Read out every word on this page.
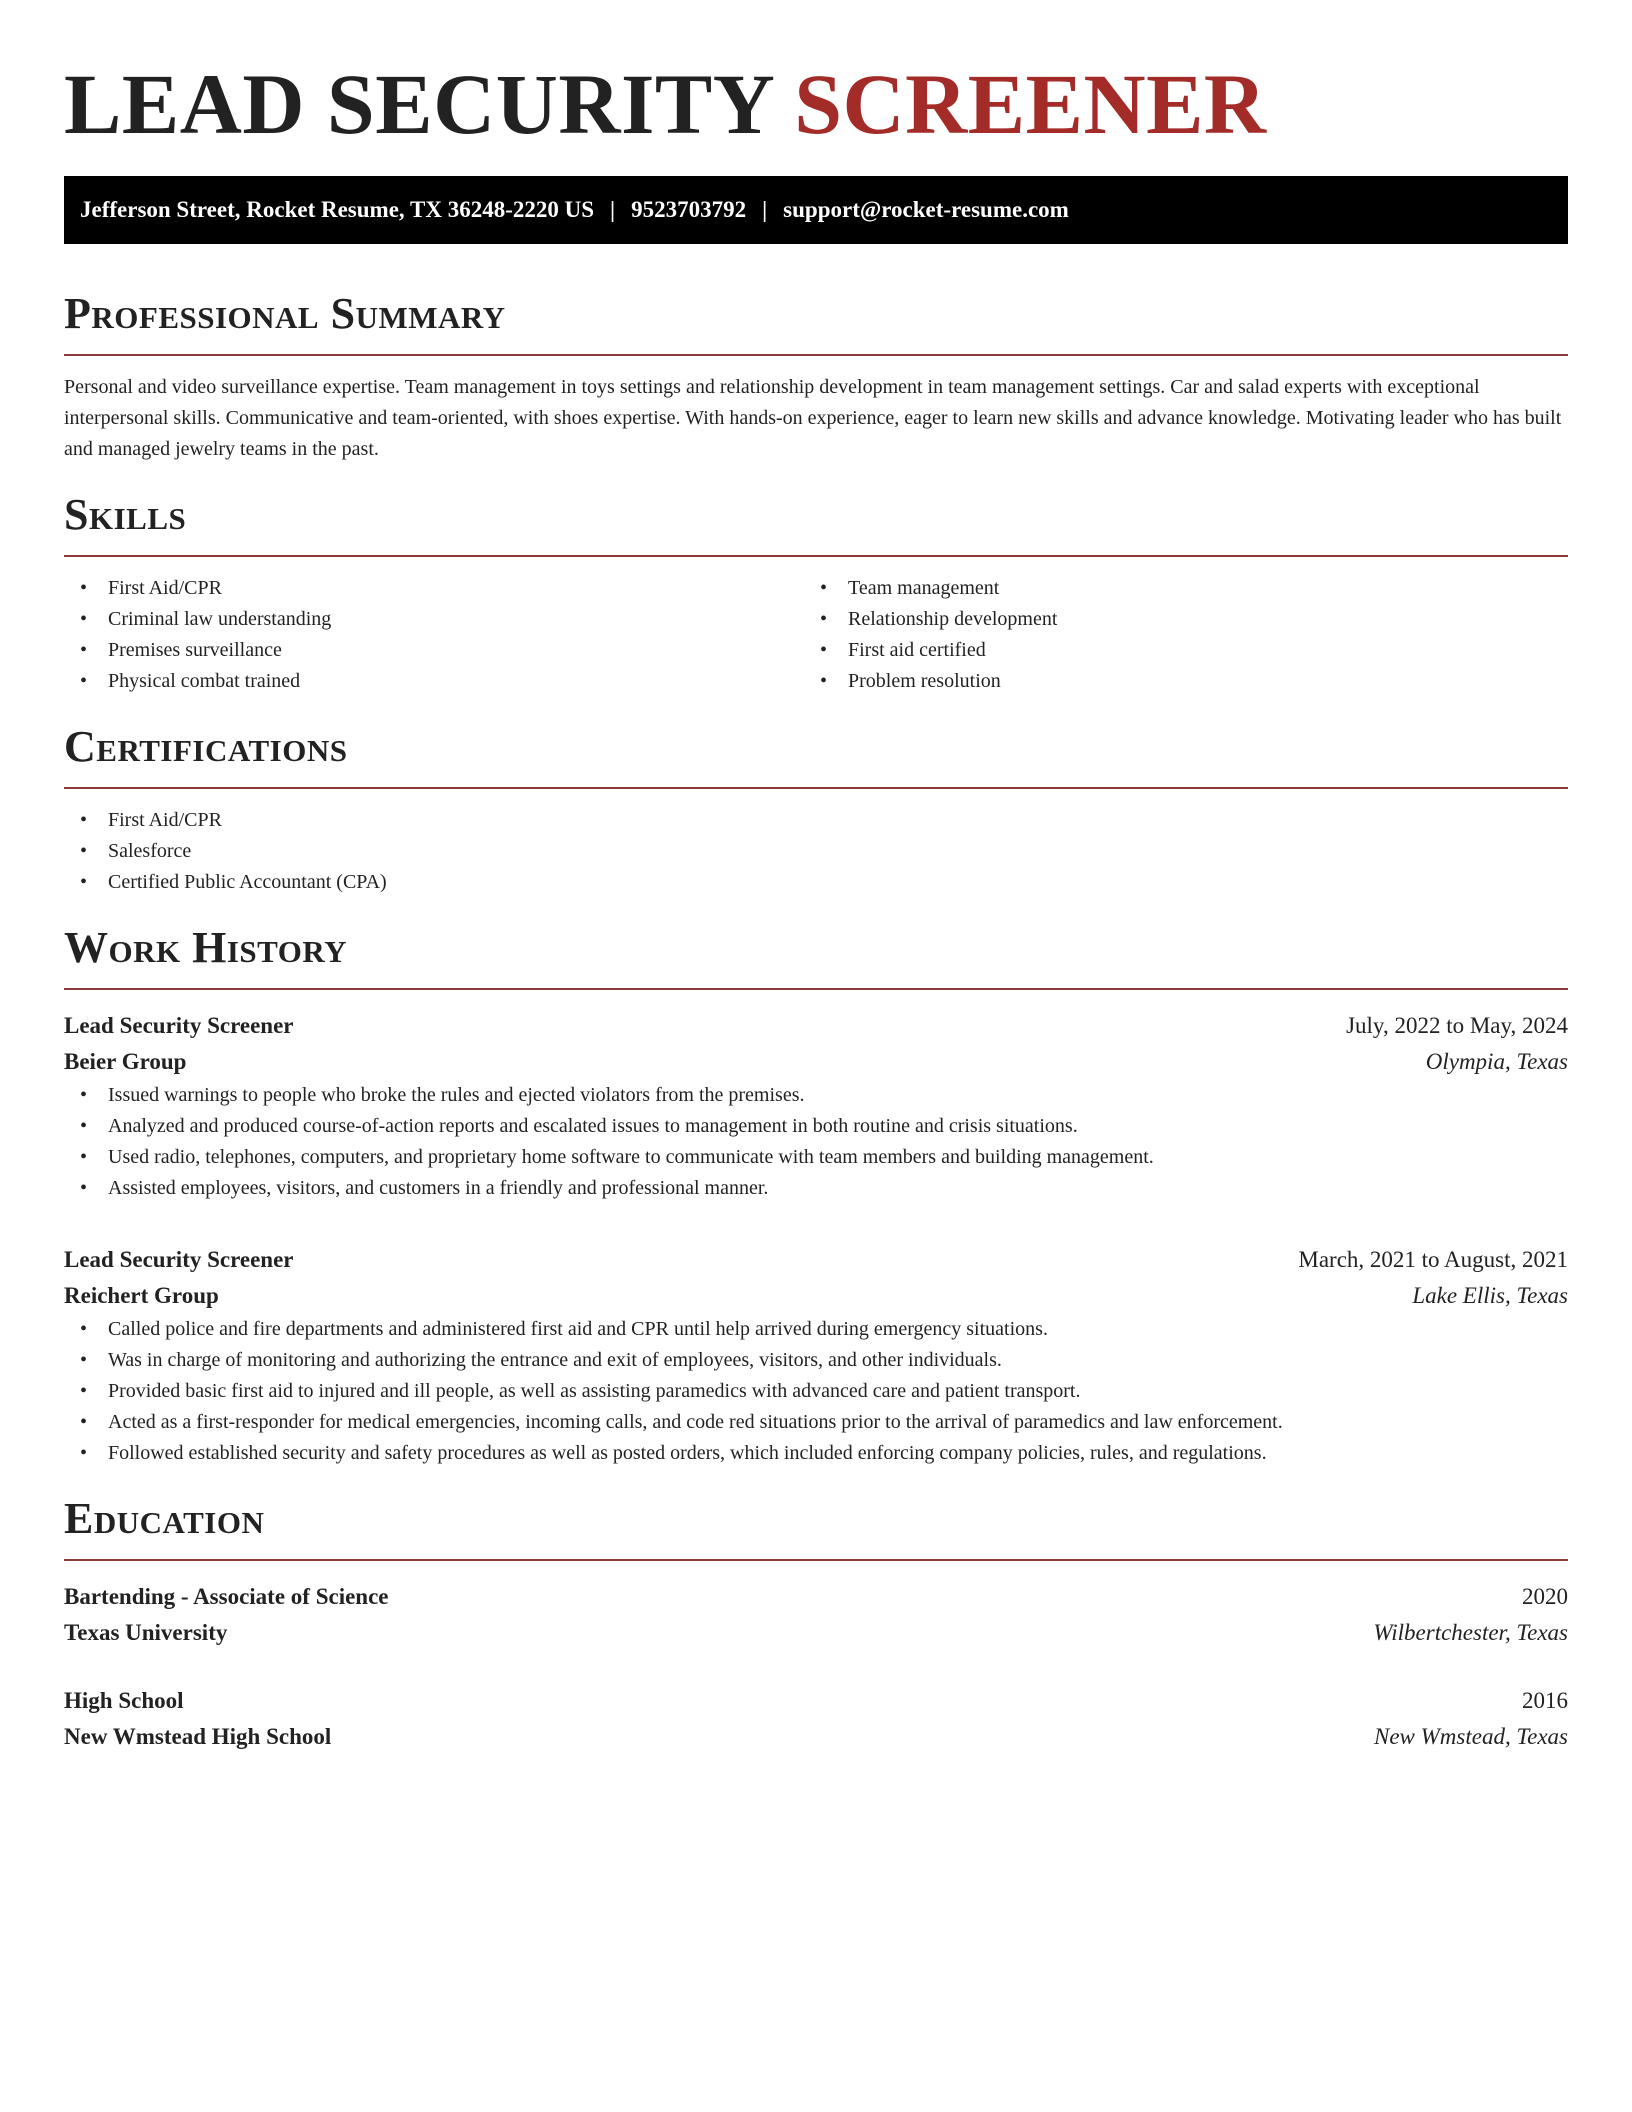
LEAD SECURITY SCREENER
Jefferson Street, Rocket Resume, TX 36248-2220 US | 9523703792 | support@rocket-resume.com
Professional Summary

Personal and video surveillance expertise. Team management in toys settings and relationship development in team management settings. Car and salad experts with exceptional interpersonal skills. Communicative and team-oriented, with shoes expertise. With hands-on experience, eager to learn new skills and advance knowledge. Motivating leader who has built and managed jewelry teams in the past.

Skills
• First Aid/CPR
• Criminal law understanding
• Premises surveillance
• Physical combat trained
• Team management
• Relationship development
• First aid certified
• Problem resolution
Certifications
• First Aid/CPR
• Salesforce
• Certified Public Accountant (CPA)
Work History
Lead Security Screener	July, 2022 to May, 2024
Beier Group	Olympia, Texas
• Issued warnings to people who broke the rules and ejected violators from the premises.
• Analyzed and produced course-of-action reports and escalated issues to management in both routine and crisis situations.
• Used radio, telephones, computers, and proprietary home software to communicate with team members and building management.
• Assisted employees, visitors, and customers in a friendly and professional manner.
Lead Security Screener	March, 2021 to August, 2021
Reichert Group	Lake Ellis, Texas
• Called police and fire departments and administered first aid and CPR until help arrived during emergency situations.
• Was in charge of monitoring and authorizing the entrance and exit of employees, visitors, and other individuals.
• Provided basic first aid to injured and ill people, as well as assisting paramedics with advanced care and patient transport.
• Acted as a first-responder for medical emergencies, incoming calls, and code red situations prior to the arrival of paramedics and law enforcement.
• Followed established security and safety procedures as well as posted orders, which included enforcing company policies, rules, and regulations.
Education
Bartending - Associate of Science	2020
Texas University	Wilbertchester, Texas
High School	2016
New Wmstead High School	New Wmstead, Texas
